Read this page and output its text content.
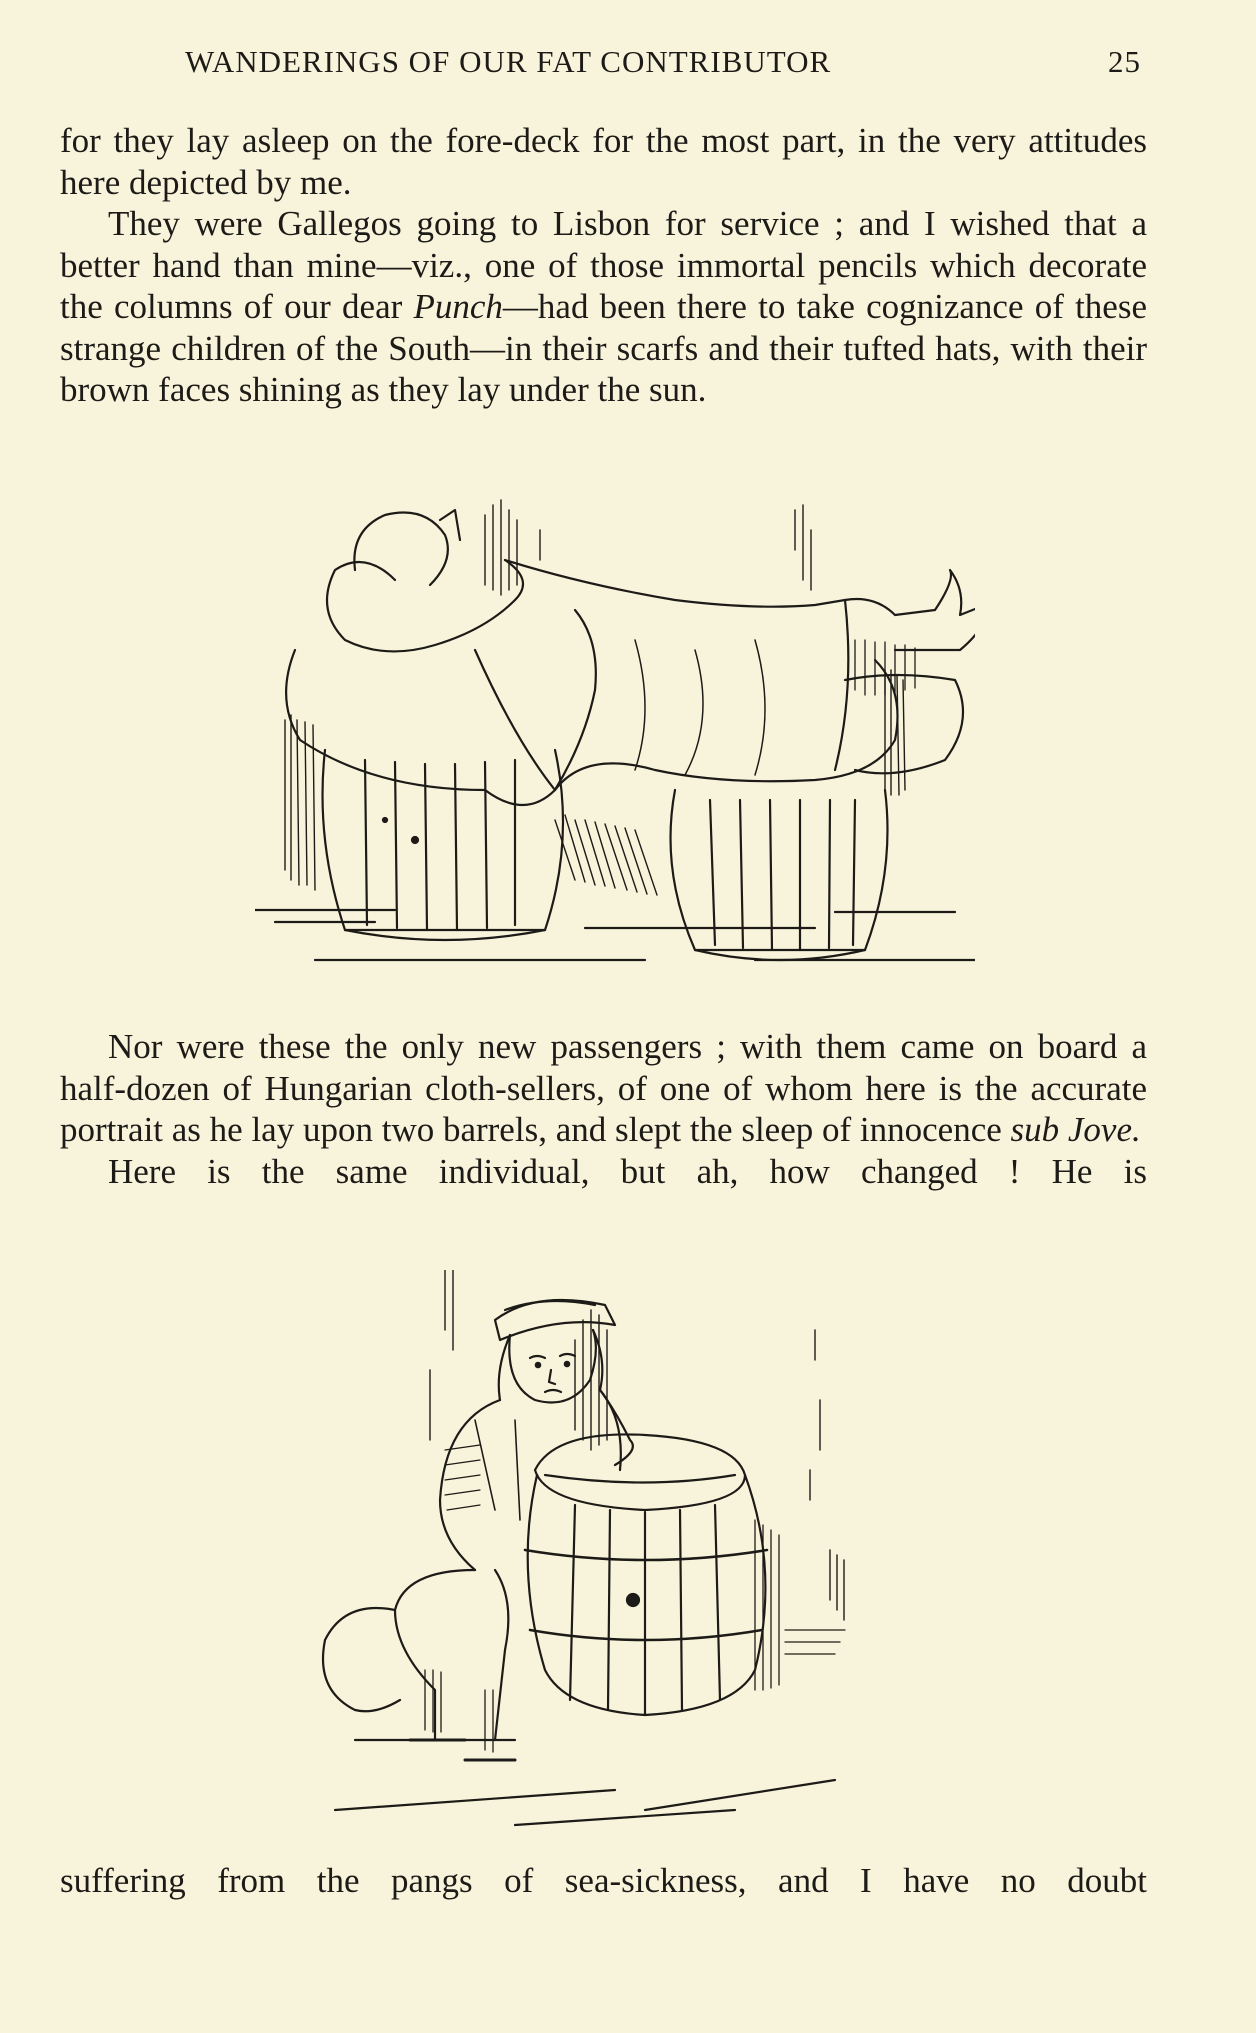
WANDERINGS OF OUR FAT CONTRIBUTOR	25

for they lay asleep on the fore-deck for the most part, in the very attitudes here depicted by me.

They were Gallegos going to Lisbon for service ; and I wished that a better hand than mine—viz., one of those immortal pencils which decorate the columns of our dear Punch—had been there to take cognizance of these strange children of the South—in their scarfs and their tufted hats, with their brown faces shining as they lay under the sun.

Nor were these the only new passengers ; with them came on board a half-dozen of Hungarian cloth-sellers, of one of whom here is the accurate portrait as he lay upon two barrels, and slept the sleep of innocence sub Jove.

Here is the same individual, but ah, how changed ! He is

suffering from the pangs of sea-sickness, and I have no doubt
